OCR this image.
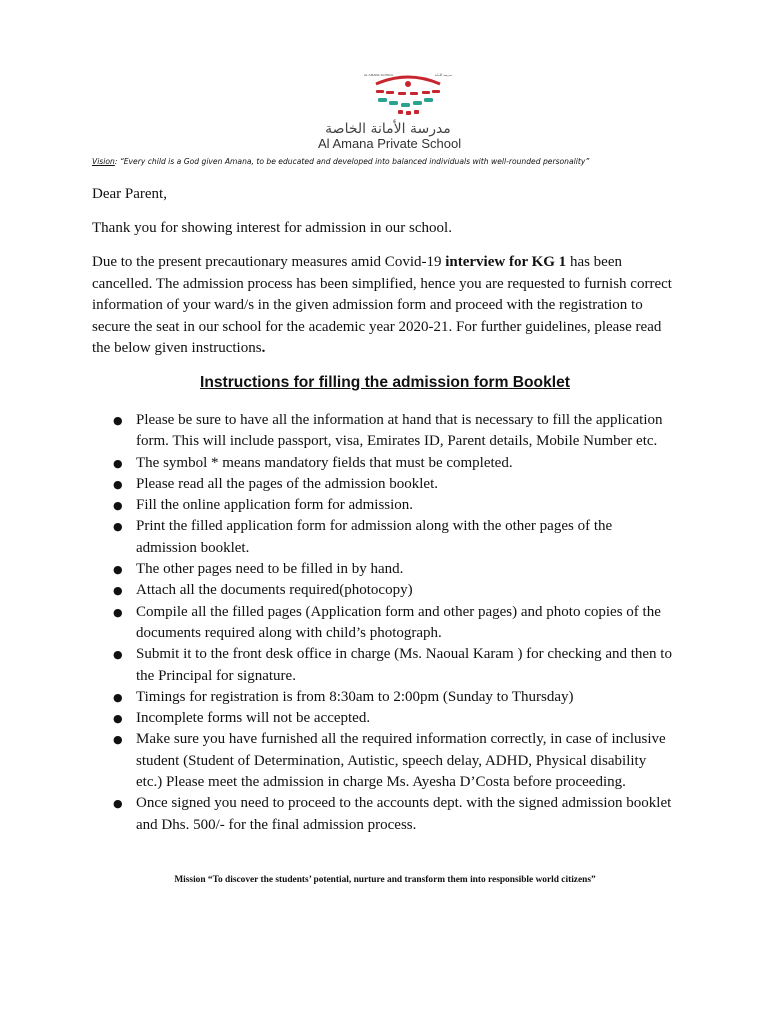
AL AMANA SCHOOL	مدرسة الأمانة
مدرسة الأمانة الخاصة
Al Amana Private School
Vision: “Every child is a God given Amana, to be educated and developed into balanced individuals with well-rounded personality”
Dear Parent,
Thank you for showing interest for admission in our school.
Due to the present precautionary measures amid Covid-19 interview for KG 1 has been
cancelled. The admission process has been simplified, hence you are requested to furnish correct
information of your ward/s in the given admission form and proceed with the registration to
secure the seat in our school for the academic year 2020-21. For further guidelines, please read
the below given instructions.
Instructions for filling the admission form Booklet
● Please be sure to have all the information at hand that is necessary to fill the application
form. This will include passport, visa, Emirates ID, Parent details, Mobile Number etc.
● The symbol * means mandatory fields that must be completed.
● Please read all the pages of the admission booklet.
● Fill the online application form for admission.
● Print the filled application form for admission along with the other pages of the
admission booklet.
● The other pages need to be filled in by hand.
● Attach all the documents required(photocopy)
● Compile all the filled pages (Application form and other pages) and photo copies of the
documents required along with child’s photograph.
● Submit it to the front desk office in charge (Ms. Naoual Karam ) for checking and then to
the Principal for signature.
● Timings for registration is from 8:30am to 2:00pm (Sunday to Thursday)
● Incomplete forms will not be accepted.
● Make sure you have furnished all the required information correctly, in case of inclusive
student (Student of Determination, Autistic, speech delay, ADHD, Physical disability
etc.) Please meet the admission in charge Ms. Ayesha D’Costa before proceeding.
● Once signed you need to proceed to the accounts dept. with the signed admission booklet
and Dhs. 500/- for the final admission process.
Mission “To discover the students’ potential, nurture and transform them into responsible world citizens”
